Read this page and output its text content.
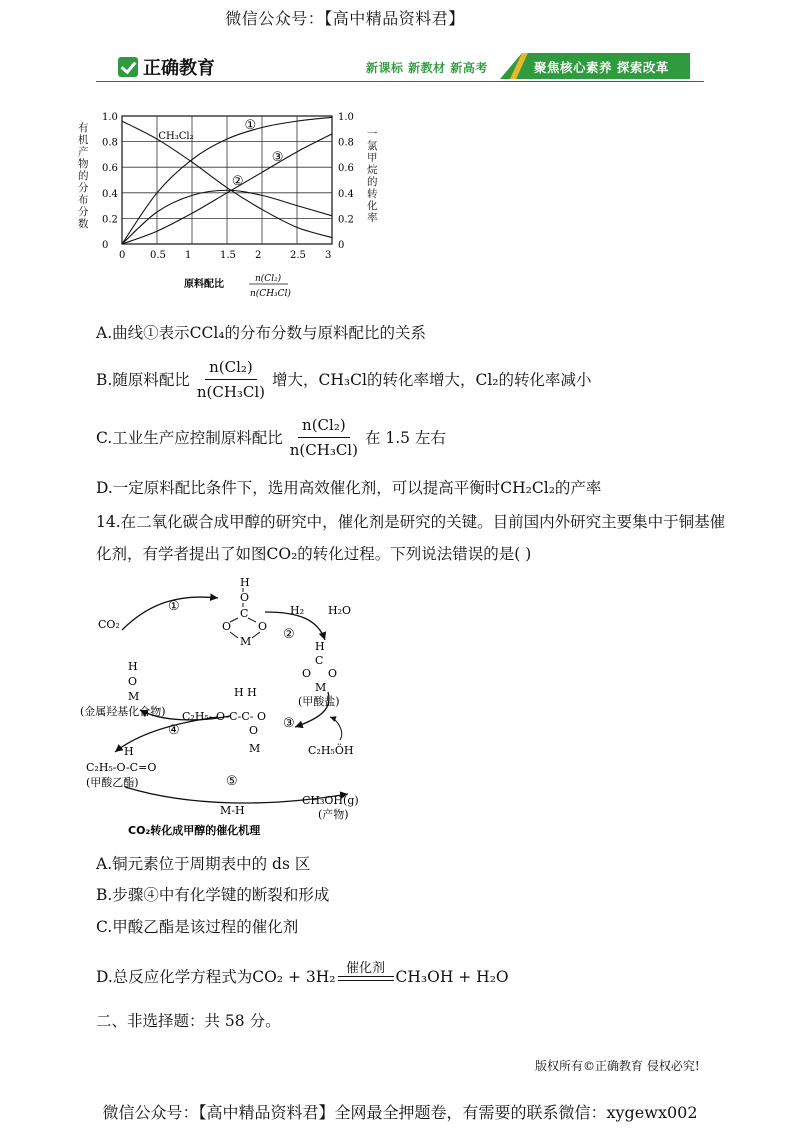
微信公众号：【高中精品资料君】
正确教育	新课标 新教材 新高考	聚焦核心素养 探索改革
0 0.5 1	1.5 2	2.5 3
0
0.2
0.4
0.6
0.8
1.0
0
0.2
0.4
0.6
0.8
1.0
①
②
③
CH₃Cl₂
原料配比	n(Cl₂)
n(CH₃Cl)
有机产物的分布分数
一氯甲烷的转化率
A.曲线①表示CCl₄的分布分数与原料配比的关系
B.随原料配比 $\frac{\text{n(Cl₂)}}{\text{n(CH₃Cl)}}$ 增大，CH₃Cl的转化率增大，Cl₂的转化率减小
C.工业生产应控制原料配比 $\frac{\text{n(Cl₂)}}{\text{n(CH₃Cl)}}$ 在 1.5 左右
D.一定原料配比条件下，选用高效催化剂，可以提高平衡时CH₂Cl₂的产率
14.在二氧化碳合成甲醇的研究中，催化剂是研究的关键。目前国内外研究主要集中于铜基催
化剂，有学者提出了如图CO₂的转化过程。下列说法错误的是( )
CO₂
①
②
③
④
⑤
H
O
C
O O
M
H₂ H₂O
H
C
O O
M
(甲酸盐)
H
O
M
(金属羟基化合物)
H H
C₂H₅- O-C-C- O
O
M	C₂H₅ÖH
H
C₂H₅-O-C=O
(甲酸乙酯)
M-H
CH₃OH(g)
(产物)
CO₂转化成甲醇的催化机理
A.铜元素位于周期表中的 ds 区
B.步骤④中有化学键的断裂和形成
C.甲酸乙酯是该过程的催化剂
D.总反应化学方程式为CO₂ + 3H₂ 催化剂 CH₃OH + H₂O
二、非选择题：共 58 分。
版权所有©正确教育 侵权必究!
微信公众号：【高中精品资料君】全网最全押题卷，有需要的联系微信：xygewx002
